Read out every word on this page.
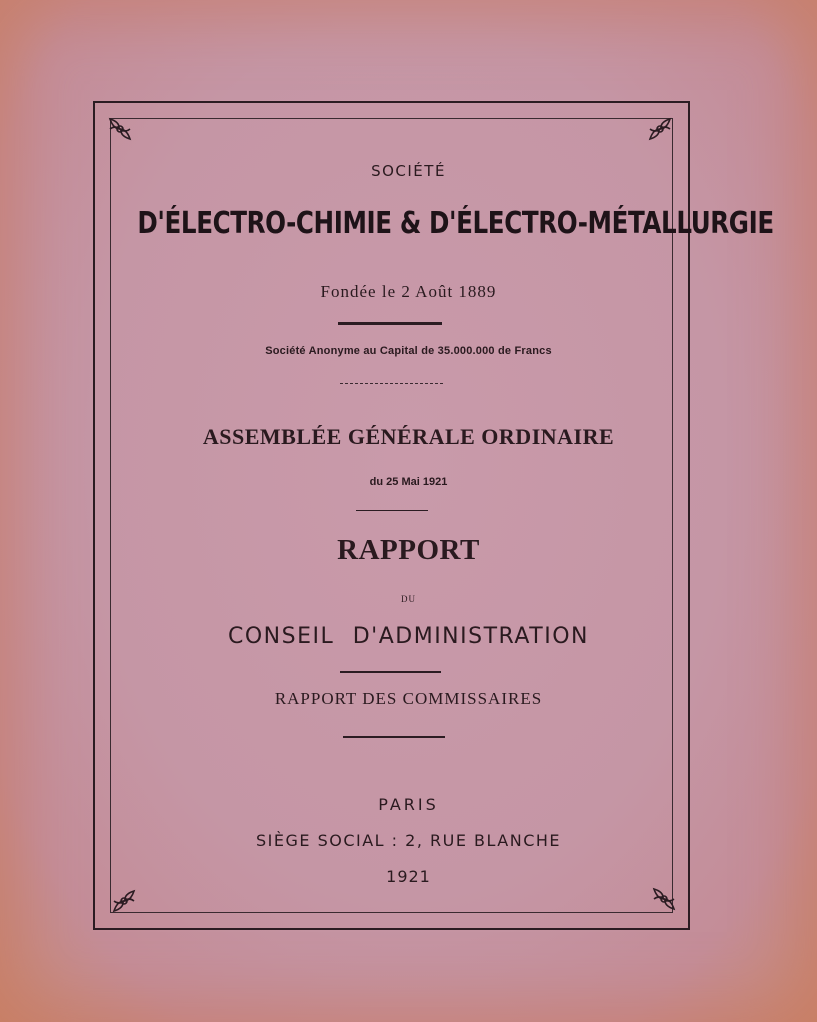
SOCIÉTÉ
D'ÉLECTRO-CHIMIE & D'ÉLECTRO-MÉTALLURGIE
Fondée le 2 Août 1889
Société Anonyme au Capital de 35.000.000 de Francs
ASSEMBLÉE GÉNÉRALE ORDINAIRE
du 25 Mai 1921
RAPPORT
DU
CONSEIL D'ADMINISTRATION
RAPPORT DES COMMISSAIRES
PARIS
SIÈGE SOCIAL : 2, RUE BLANCHE
1921
